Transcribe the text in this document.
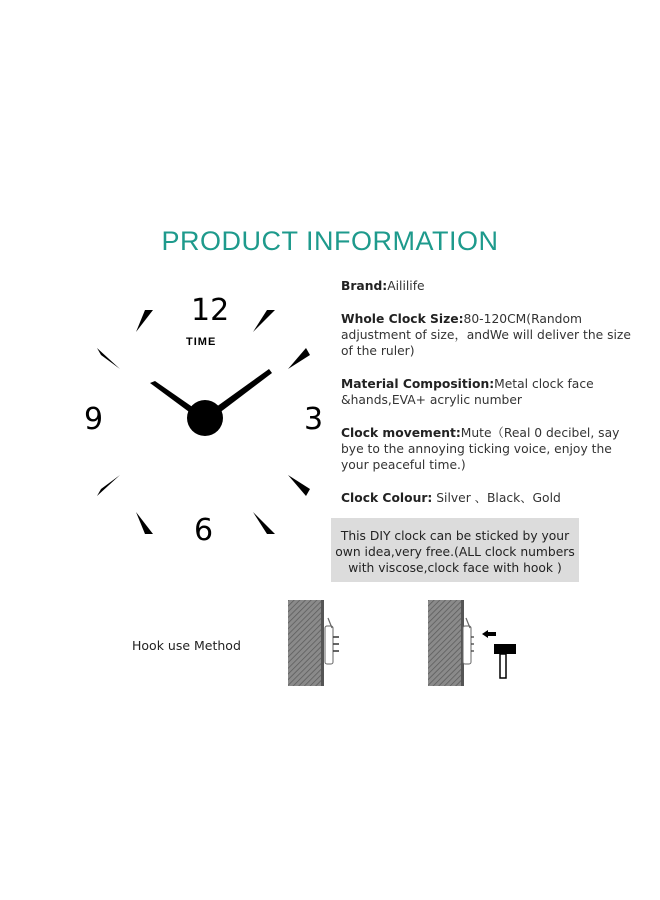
PRODUCT INFORMATION
12
TIME
3
6
9

Brand:Aililife

Whole Clock Size:80-120CM(Random adjustment of size，andWe will deliver the size of the ruler)

Material Composition:Metal clock face &hands,EVA+ acrylic number

Clock movement:Mute（Real 0 decibel, say bye to the annoying ticking voice, enjoy the your peaceful time.)

Clock Colour: Silver 、Black、Gold

This DIY clock can be sticked by your own idea,very free.(ALL clock numbers with viscose,clock face with hook )
Hook use Method
